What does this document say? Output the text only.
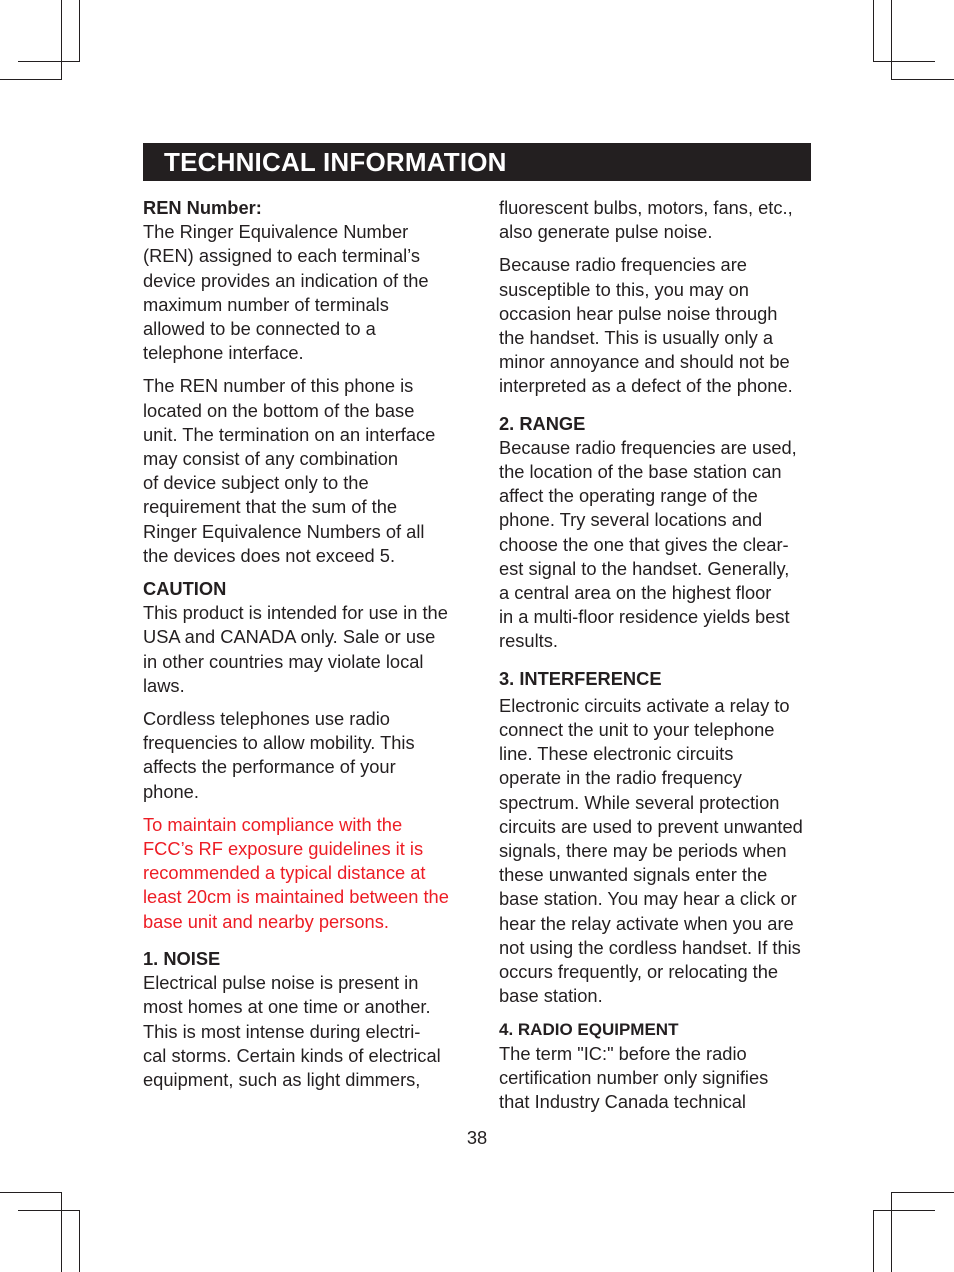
TECHNICAL INFORMATION
REN Number:
The Ringer Equivalence Number
(REN) assigned to each terminal’s
device provides an indication of the
maximum number of terminals
allowed to be connected to a
telephone interface.
The REN number of this phone is
located on the bottom of the base
unit. The termination on an interface
may consist of any combination
of device subject only to the
requirement that the sum of the
Ringer Equivalence Numbers of all
the devices does not exceed 5.
CAUTION
This product is intended for use in the
USA and CANADA only. Sale or use
in other countries may violate local
laws.
Cordless telephones use radio
frequencies to allow mobility. This
affects the performance of your
phone.
To maintain compliance with the
FCC’s RF exposure guidelines it is
recommended a typical distance at
least 20cm is maintained between the
base unit and nearby persons.
1. NOISE
Electrical pulse noise is present in
most homes at one time or another.
This is most intense during electri-
cal storms. Certain kinds of electrical
equipment, such as light dimmers,
fluorescent bulbs, motors, fans, etc.,
also generate pulse noise.
Because radio frequencies are
susceptible to this, you may on
occasion hear pulse noise through
the handset. This is usually only a
minor annoyance and should not be
interpreted as a defect of the phone.
2. RANGE
Because radio frequencies are used,
the location of the base station can
affect the operating range of the
phone. Try several locations and
choose the one that gives the clear-
est signal to the handset. Generally,
a central area on the highest floor
in a multi-floor residence yields best
results.
3. INTERFERENCE
Electronic circuits activate a relay to
connect the unit to your telephone
line. These electronic circuits
operate in the radio frequency
spectrum. While several protection
circuits are used to prevent unwanted
signals, there may be periods when
these unwanted signals enter the
base station. You may hear a click or
hear the relay activate when you are
not using the cordless handset. If this
occurs frequently, or relocating the
base station.
4. RADIO EQUIPMENT
The term "IC:" before the radio
certification number only signifies
that Industry Canada technical
38
